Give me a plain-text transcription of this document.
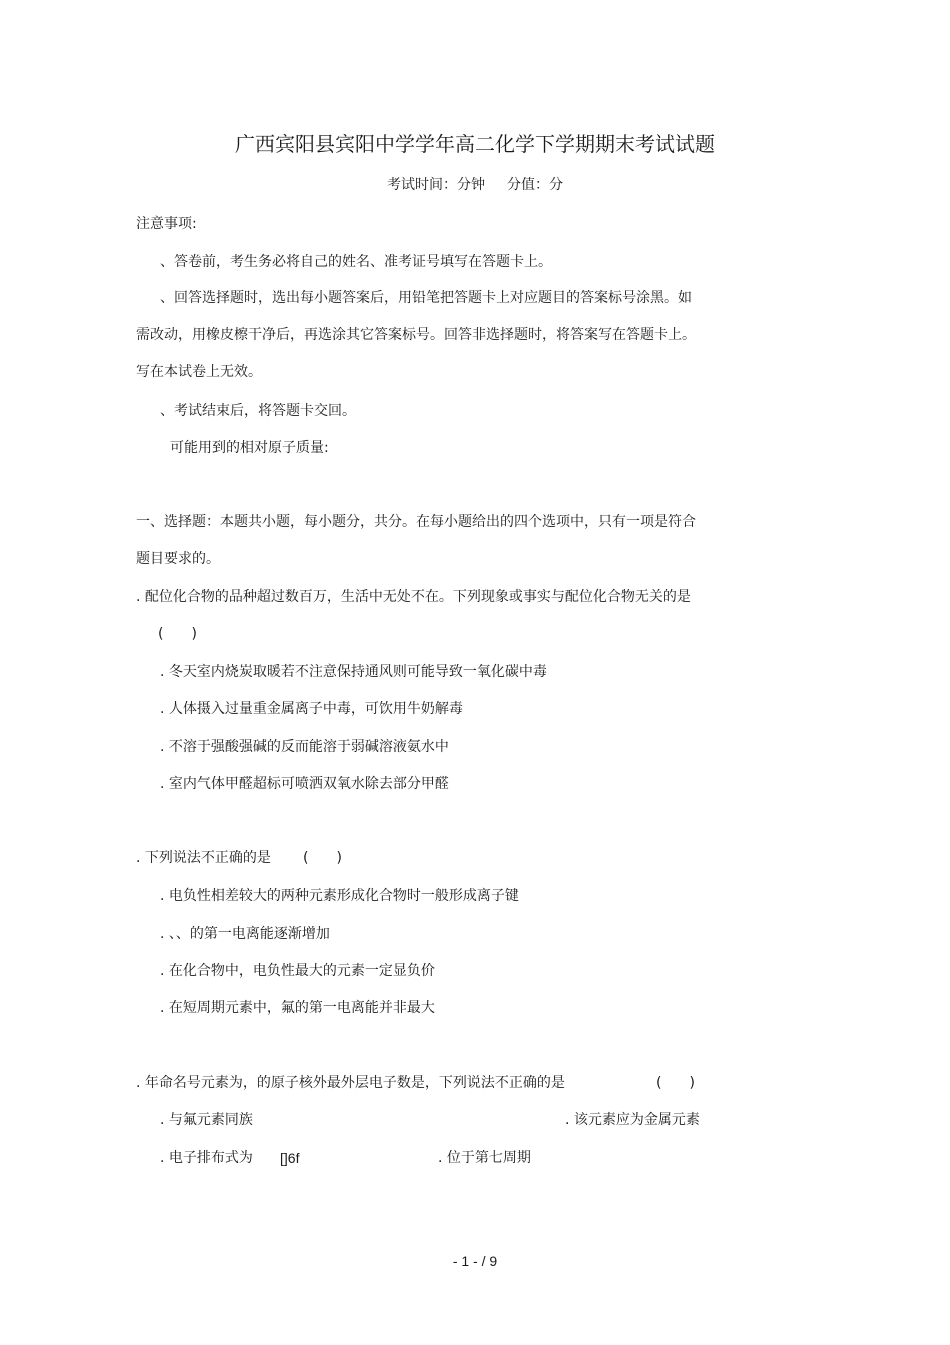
广西宾阳县宾阳中学学年高二化学下学期期末考试试题
考试时间：分钟 分值：分
注意事项:
、答卷前，考生务必将自己的姓名、准考证号填写在答题卡上。
、回答选择题时，选出每小题答案后，用铅笔把答题卡上对应题目的答案标号涂黑。如
需改动，用橡皮檫干净后，再选涂其它答案标号。回答非选择题时，将答案写在答题卡上。
写在本试卷上无效。
、考试结束后，将答题卡交回。
可能用到的相对原子质量:
一、选择题：本题共小题，每小题分，共分。在每小题给出的四个选项中，只有一项是符合
题目要求的。
. 配位化合物的品种超过数百万，生活中无处不在。下列现象或事实与配位化合物无关的是
(　　)
. 冬天室内烧炭取暖若不注意保持通风则可能导致一氧化碳中毒
. 人体摄入过量重金属离子中毒，可饮用牛奶解毒
. 不溶于强酸强碱的反而能溶于弱碱溶液氨水中
. 室内气体甲醛超标可喷洒双氧水除去部分甲醛
. 下列说法不正确的是 (　　)
. 电负性相差较大的两种元素形成化合物时一般形成离子键
. 、、的第一电离能逐渐增加
. 在化合物中，电负性最大的元素一定显负价
. 在短周期元素中，氟的第一电离能并非最大
. 年命名号元素为，的原子核外最外层电子数是，下列说法不正确的是	(　　)
. 与氟元素同族	. 该元素应为金属元素
. 电子排布式为 []6f	. 位于第七周期
- 1 - / 9
